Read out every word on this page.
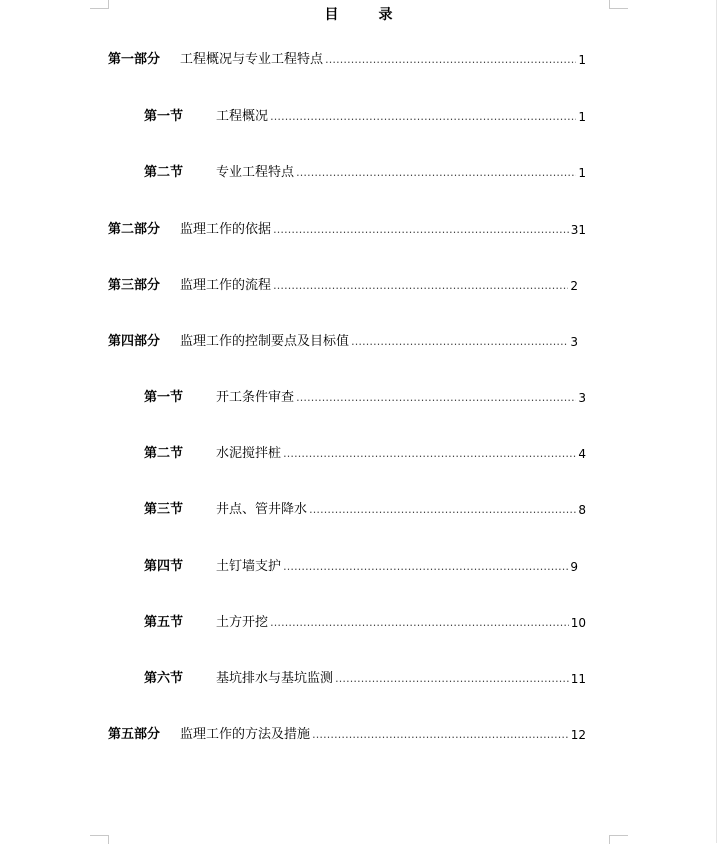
目	录
第一部分	工程概况与专业工程特点 ……………………………………………………………………………………………………………………………………………………	1
第一节	工程概况 ……………………………………………………………………………………………………………………………………………………	1
第二节	专业工程特点 ……………………………………………………………………………………………………………………………………………………	1
第二部分	监理工作的依据 ……………………………………………………………………………………………………………………………………………………	31
第三部分	监理工作的流程 ……………………………………………………………………………………………………………………………………………………	2
第四部分	监理工作的控制要点及目标值 ……………………………………………………………………………………………………………………………………………………	3
第一节	开工条件审查 ……………………………………………………………………………………………………………………………………………………	3
第二节	水泥搅拌桩 ……………………………………………………………………………………………………………………………………………………	4
第三节	井点、管井降水 ……………………………………………………………………………………………………………………………………………………	8
第四节	土钉墙支护 ……………………………………………………………………………………………………………………………………………………	9
第五节	土方开挖 ……………………………………………………………………………………………………………………………………………………	10
第六节	基坑排水与基坑监测 ……………………………………………………………………………………………………………………………………………………	11
第五部分	监理工作的方法及措施 ……………………………………………………………………………………………………………………………………………………	12
